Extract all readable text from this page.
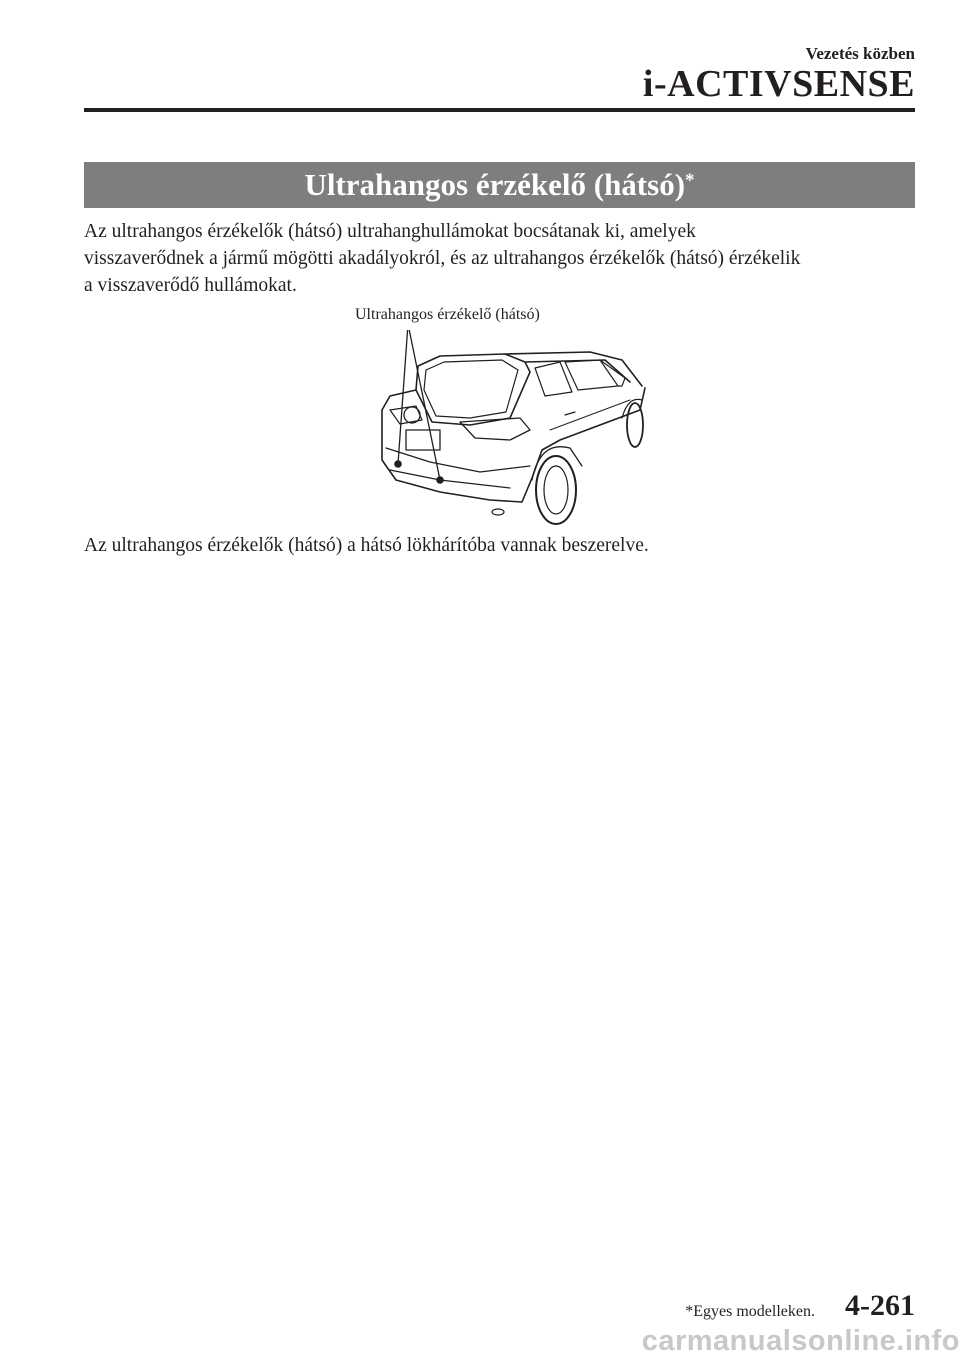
Vezetés közben
i-ACTIVSENSE
Ultrahangos érzékelő (hátsó)*
Az ultrahangos érzékelők (hátsó) ultrahanghullámokat bocsátanak ki, amelyek
visszaverődnek a jármű mögötti akadályokról, és az ultrahangos érzékelők (hátsó) érzékelik
a visszaverődő hullámokat.
Ultrahangos érzékelő (hátsó)
Az ultrahangos érzékelők (hátsó) a hátsó lökhárítóba vannak beszerelve.
*Egyes modelleken. 4-261
carmanualsonline.info
